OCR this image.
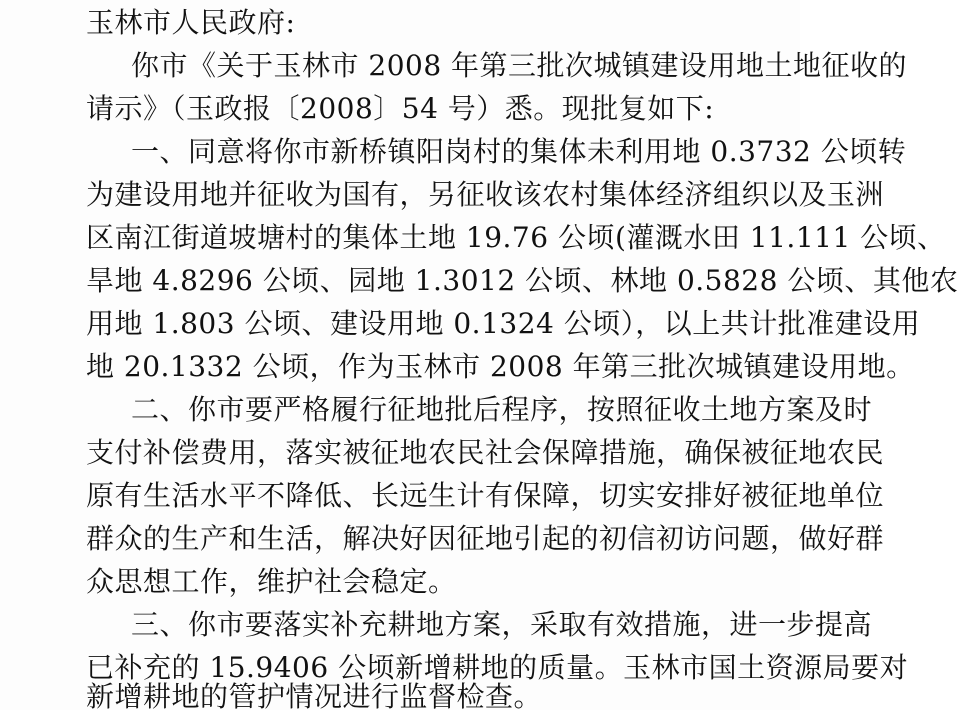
玉林市人民政府:
你市《关于玉林市 2008 年第三批次城镇建设用地土地征收的
请示》（玉政报〔2008〕54 号）悉。现批复如下:
一、同意将你市新桥镇阳岗村的集体未利用地 0.3732 公顷转
为建设用地并征收为国有，另征收该农村集体经济组织以及玉洲
区南江街道坡塘村的集体土地 19.76 公顷(灌溉水田 11.111 公顷、
旱地 4.8296 公顷、园地 1.3012 公顷、林地 0.5828 公顷、其他农
用地 1.803 公顷、建设用地 0.1324 公顷），以上共计批准建设用
地 20.1332 公顷，作为玉林市 2008 年第三批次城镇建设用地。
二、你市要严格履行征地批后程序，按照征收土地方案及时
支付补偿费用，落实被征地农民社会保障措施，确保被征地农民
原有生活水平不降低、长远生计有保障，切实安排好被征地单位
群众的生产和生活，解决好因征地引起的初信初访问题，做好群
众思想工作，维护社会稳定。
三、你市要落实补充耕地方案，采取有效措施，进一步提高
已补充的 15.9406 公顷新增耕地的质量。玉林市国土资源局要对
新增耕地的管护情况进行监督检查。
